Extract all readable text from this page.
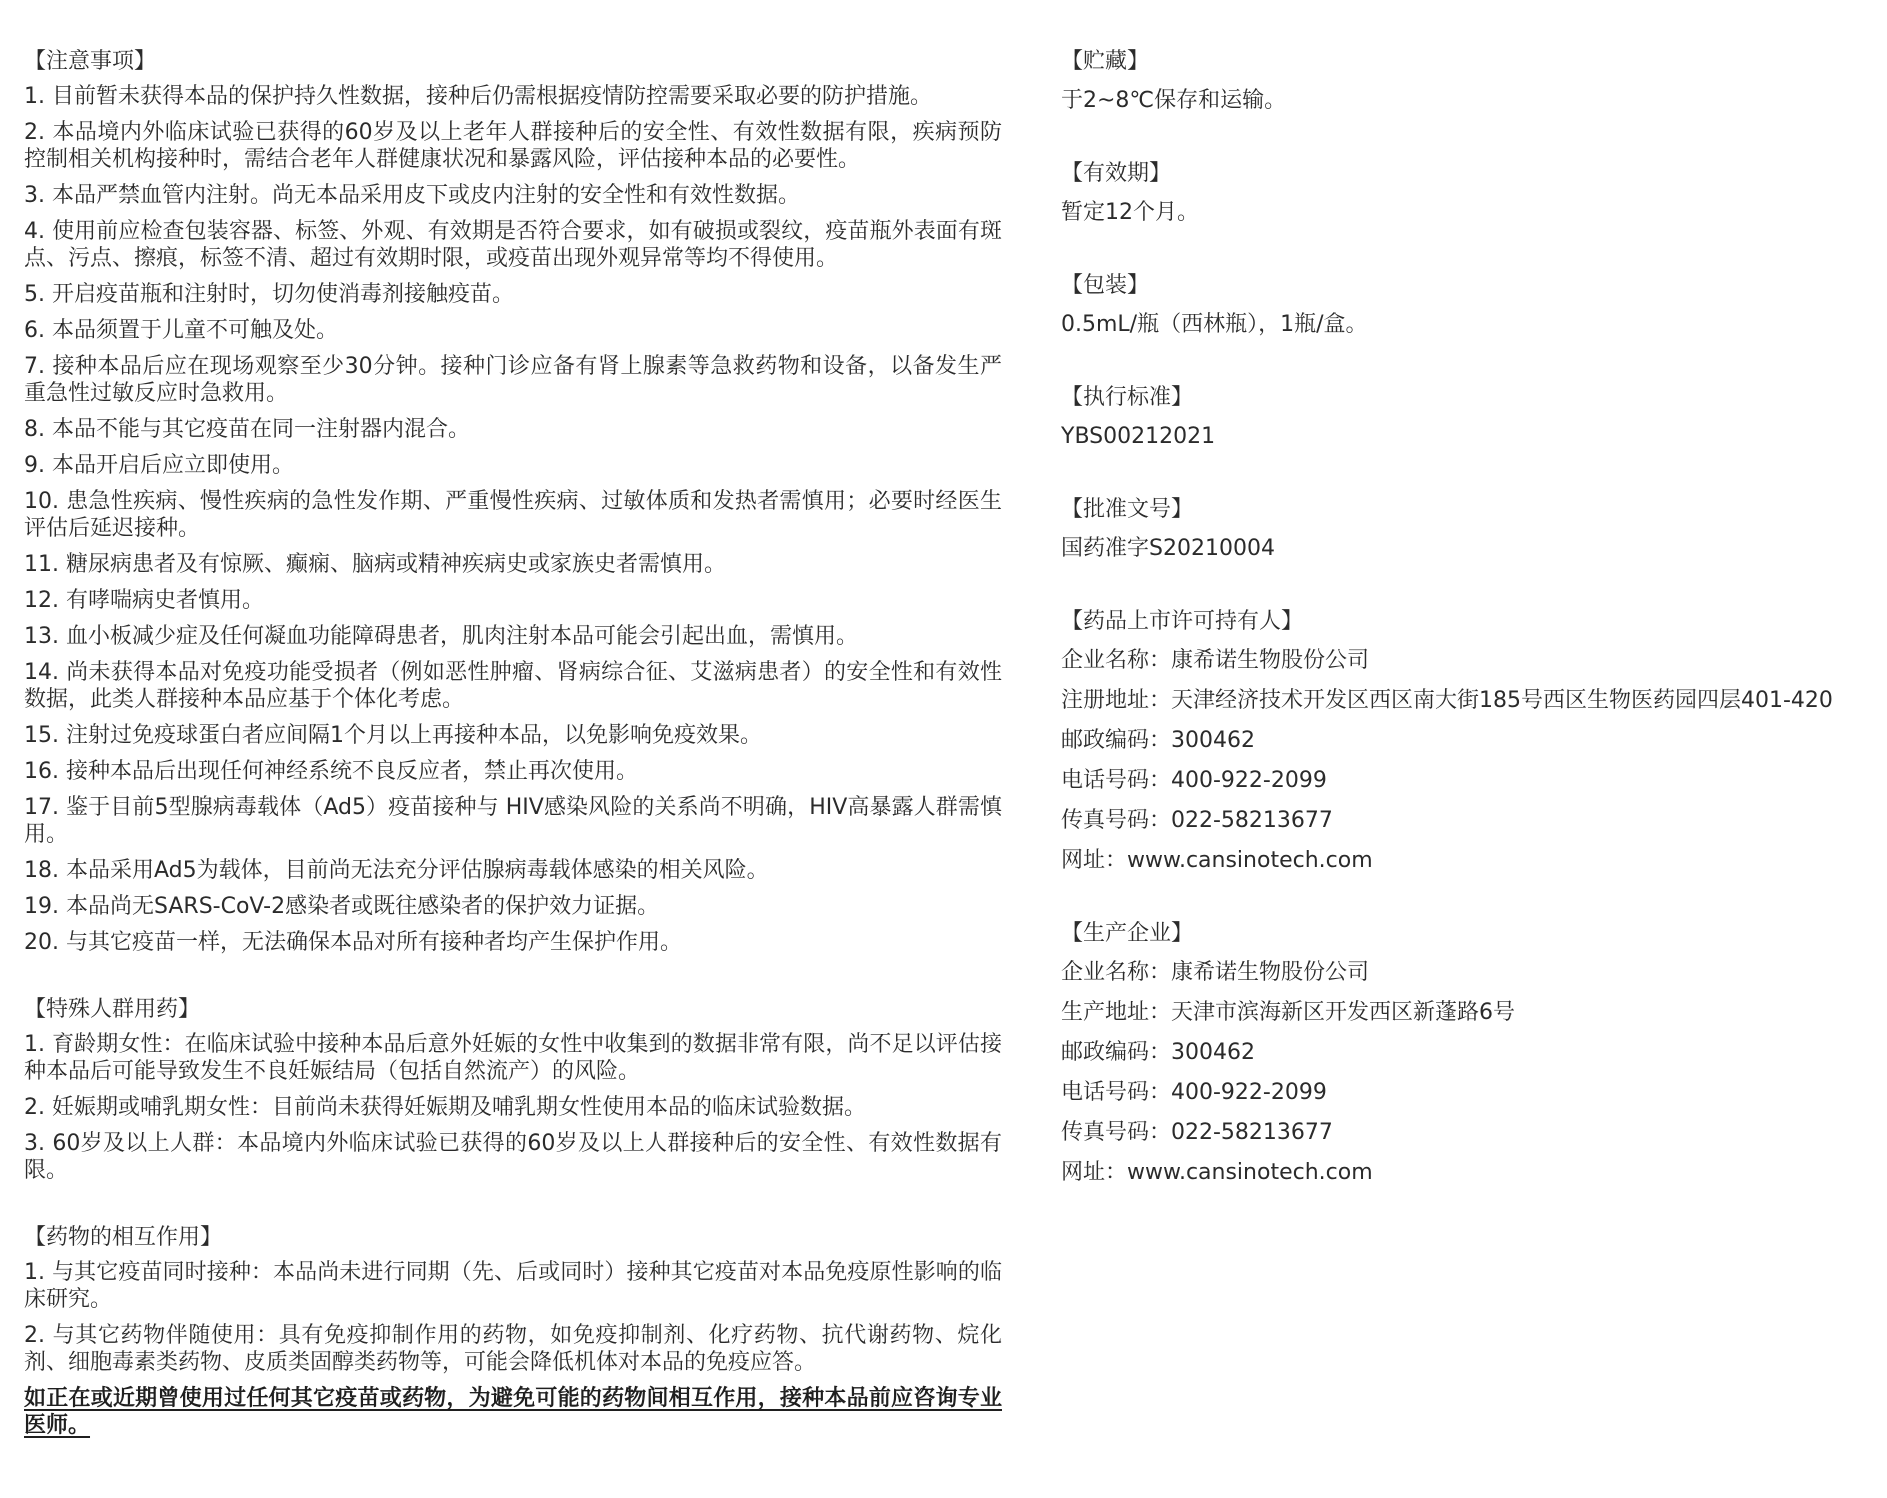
【注意事项】
1. 目前暂未获得本品的保护持久性数据，接种后仍需根据疫情防控需要采取必要的防护措施。
2. 本品境内外临床试验已获得的60岁及以上老年人群接种后的安全性、有效性数据有限，疾病预防控制相关机构接种时，需结合老年人群健康状况和暴露风险，评估接种本品的必要性。
3. 本品严禁血管内注射。尚无本品采用皮下或皮内注射的安全性和有效性数据。
4. 使用前应检查包装容器、标签、外观、有效期是否符合要求，如有破损或裂纹，疫苗瓶外表面有斑点、污点、擦痕，标签不清、超过有效期时限，或疫苗出现外观异常等均不得使用。
5. 开启疫苗瓶和注射时，切勿使消毒剂接触疫苗。
6. 本品须置于儿童不可触及处。
7. 接种本品后应在现场观察至少30分钟。接种门诊应备有肾上腺素等急救药物和设备，以备发生严重急性过敏反应时急救用。
8. 本品不能与其它疫苗在同一注射器内混合。
9. 本品开启后应立即使用。
10. 患急性疾病、慢性疾病的急性发作期、严重慢性疾病、过敏体质和发热者需慎用；必要时经医生评估后延迟接种。
11. 糖尿病患者及有惊厥、癫痫、脑病或精神疾病史或家族史者需慎用。
12. 有哮喘病史者慎用。
13. 血小板减少症及任何凝血功能障碍患者，肌肉注射本品可能会引起出血，需慎用。
14. 尚未获得本品对免疫功能受损者（例如恶性肿瘤、肾病综合征、艾滋病患者）的安全性和有效性数据，此类人群接种本品应基于个体化考虑。
15. 注射过免疫球蛋白者应间隔1个月以上再接种本品，以免影响免疫效果。
16. 接种本品后出现任何神经系统不良反应者，禁止再次使用。
17. 鉴于目前5型腺病毒载体（Ad5）疫苗接种与 HIV感染风险的关系尚不明确，HIV高暴露人群需慎用。
18. 本品采用Ad5为载体，目前尚无法充分评估腺病毒载体感染的相关风险。
19. 本品尚无SARS-CoV-2感染者或既往感染者的保护效力证据。
20. 与其它疫苗一样，无法确保本品对所有接种者均产生保护作用。
【特殊人群用药】
1. 育龄期女性：在临床试验中接种本品后意外妊娠的女性中收集到的数据非常有限，尚不足以评估接种本品后可能导致发生不良妊娠结局（包括自然流产）的风险。
2. 妊娠期或哺乳期女性：目前尚未获得妊娠期及哺乳期女性使用本品的临床试验数据。
3. 60岁及以上人群：本品境内外临床试验已获得的60岁及以上人群接种后的安全性、有效性数据有限。
【药物的相互作用】
1. 与其它疫苗同时接种：本品尚未进行同期（先、后或同时）接种其它疫苗对本品免疫原性影响的临床研究。
2. 与其它药物伴随使用：具有免疫抑制作用的药物，如免疫抑制剂、化疗药物、抗代谢药物、烷化剂、细胞毒素类药物、皮质类固醇类药物等，可能会降低机体对本品的免疫应答。
如正在或近期曾使用过任何其它疫苗或药物，为避免可能的药物间相互作用，接种本品前应咨询专业医师。
【贮藏】
于2~8℃保存和运输。
【有效期】
暂定12个月。
【包装】
0.5mL/瓶（西林瓶），1瓶/盒。
【执行标准】
YBS00212021
【批准文号】
国药准字S20210004
【药品上市许可持有人】
企业名称：康希诺生物股份公司
注册地址：天津经济技术开发区西区南大街185号西区生物医药园四层401-420
邮政编码：300462
电话号码：400-922-2099
传真号码：022-58213677
网址：www.cansinotech.com
【生产企业】
企业名称：康希诺生物股份公司
生产地址：天津市滨海新区开发西区新蓬路6号
邮政编码：300462
电话号码：400-922-2099
传真号码：022-58213677
网址：www.cansinotech.com
